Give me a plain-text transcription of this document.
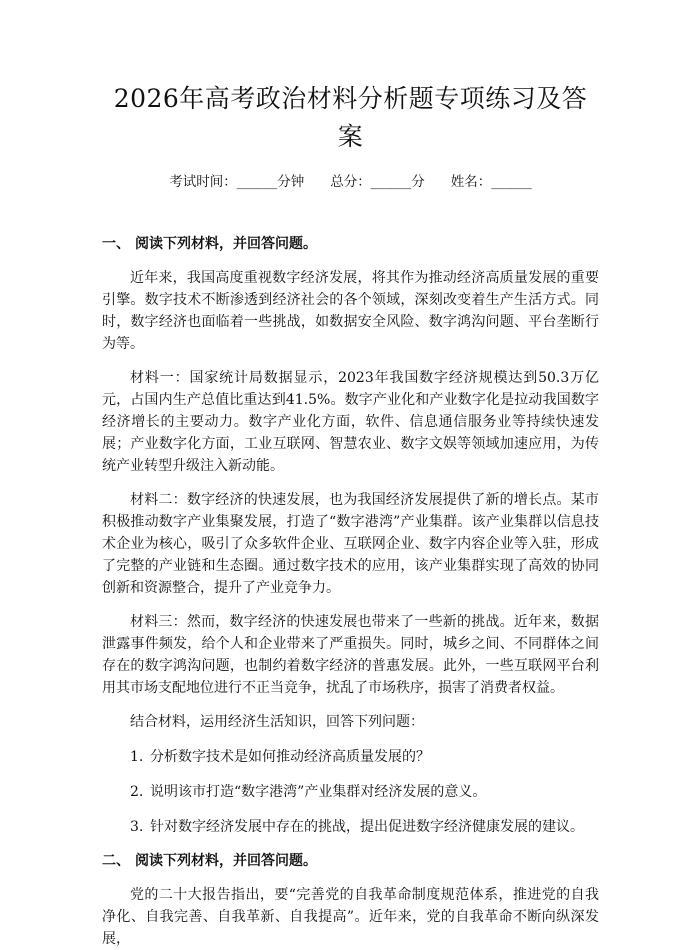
2026年高考政治材料分析题专项练习及答案
考试时间：______分钟 总分：______分 姓名：______
一、 阅读下列材料，并回答问题。

近年来，我国高度重视数字经济发展，将其作为推动经济高质量发展的重要引擎。数字技术不断渗透到经济社会的各个领域，深刻改变着生产生活方式。同时，数字经济也面临着一些挑战，如数据安全风险、数字鸿沟问题、平台垄断行为等。

材料一：国家统计局数据显示，2023年我国数字经济规模达到50.3万亿元，占国内生产总值比重达到41.5%。数字产业化和产业数字化是拉动我国数字经济增长的主要动力。数字产业化方面，软件、信息通信服务业等持续快速发展；产业数字化方面，工业互联网、智慧农业、数字文娱等领域加速应用，为传统产业转型升级注入新动能。

材料二：数字经济的快速发展，也为我国经济发展提供了新的增长点。某市积极推动数字产业集聚发展，打造了“数字港湾”产业集群。该产业集群以信息技术企业为核心，吸引了众多软件企业、互联网企业、数字内容企业等入驻，形成了完整的产业链和生态圈。通过数字技术的应用，该产业集群实现了高效的协同创新和资源整合，提升了产业竞争力。

材料三：然而，数字经济的快速发展也带来了一些新的挑战。近年来，数据泄露事件频发，给个人和企业带来了严重损失。同时，城乡之间、不同群体之间存在的数字鸿沟问题，也制约着数字经济的普惠发展。此外，一些互联网平台利用其市场支配地位进行不正当竞争，扰乱了市场秩序，损害了消费者权益。

结合材料，运用经济生活知识，回答下列问题：

1. 分析数字技术是如何推动经济高质量发展的？
2. 说明该市打造“数字港湾”产业集群对经济发展的意义。
3. 针对数字经济发展中存在的挑战，提出促进数字经济健康发展的建议。
二、 阅读下列材料，并回答问题。

党的二十大报告指出，要“完善党的自我革命制度规范体系，推进党的自我净化、自我完善、自我革新、自我提高”。近年来，党的自我革命不断向纵深发展，
